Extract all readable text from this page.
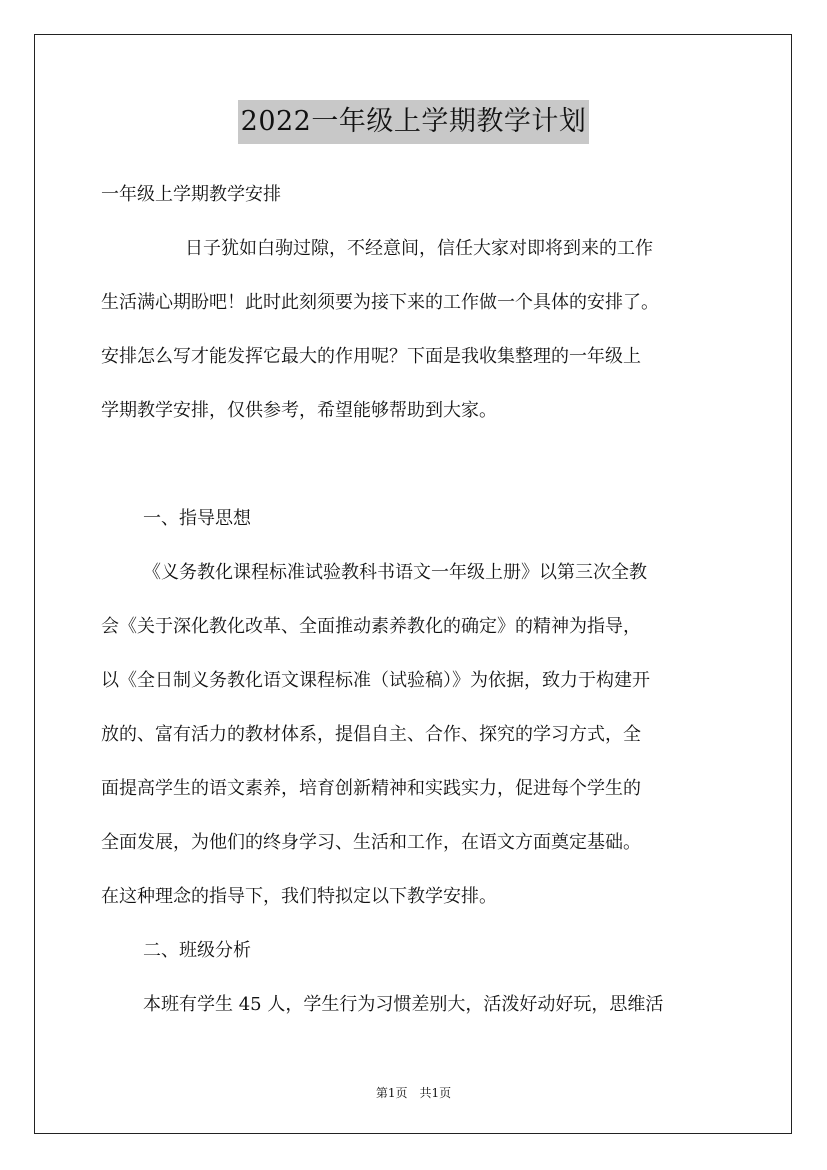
2022一年级上学期教学计划
一年级上学期教学安排
日子犹如白驹过隙，不经意间，信任大家对即将到来的工作
生活满心期盼吧！此时此刻须要为接下来的工作做一个具体的安排了。
安排怎么写才能发挥它最大的作用呢？下面是我收集整理的一年级上
学期教学安排，仅供参考，希望能够帮助到大家。
一、指导思想
《义务教化课程标准试验教科书语文一年级上册》以第三次全教
会《关于深化教化改革、全面推动素养教化的确定》的精神为指导，
以《全日制义务教化语文课程标准（试验稿）》为依据，致力于构建开
放的、富有活力的教材体系，提倡自主、合作、探究的学习方式，全
面提高学生的语文素养，培育创新精神和实践实力，促进每个学生的
全面发展，为他们的终身学习、生活和工作，在语文方面奠定基础。
在这种理念的指导下，我们特拟定以下教学安排。
二、班级分析
本班有学生 45 人，学生行为习惯差别大，活泼好动好玩，思维活
第1页　共1页
